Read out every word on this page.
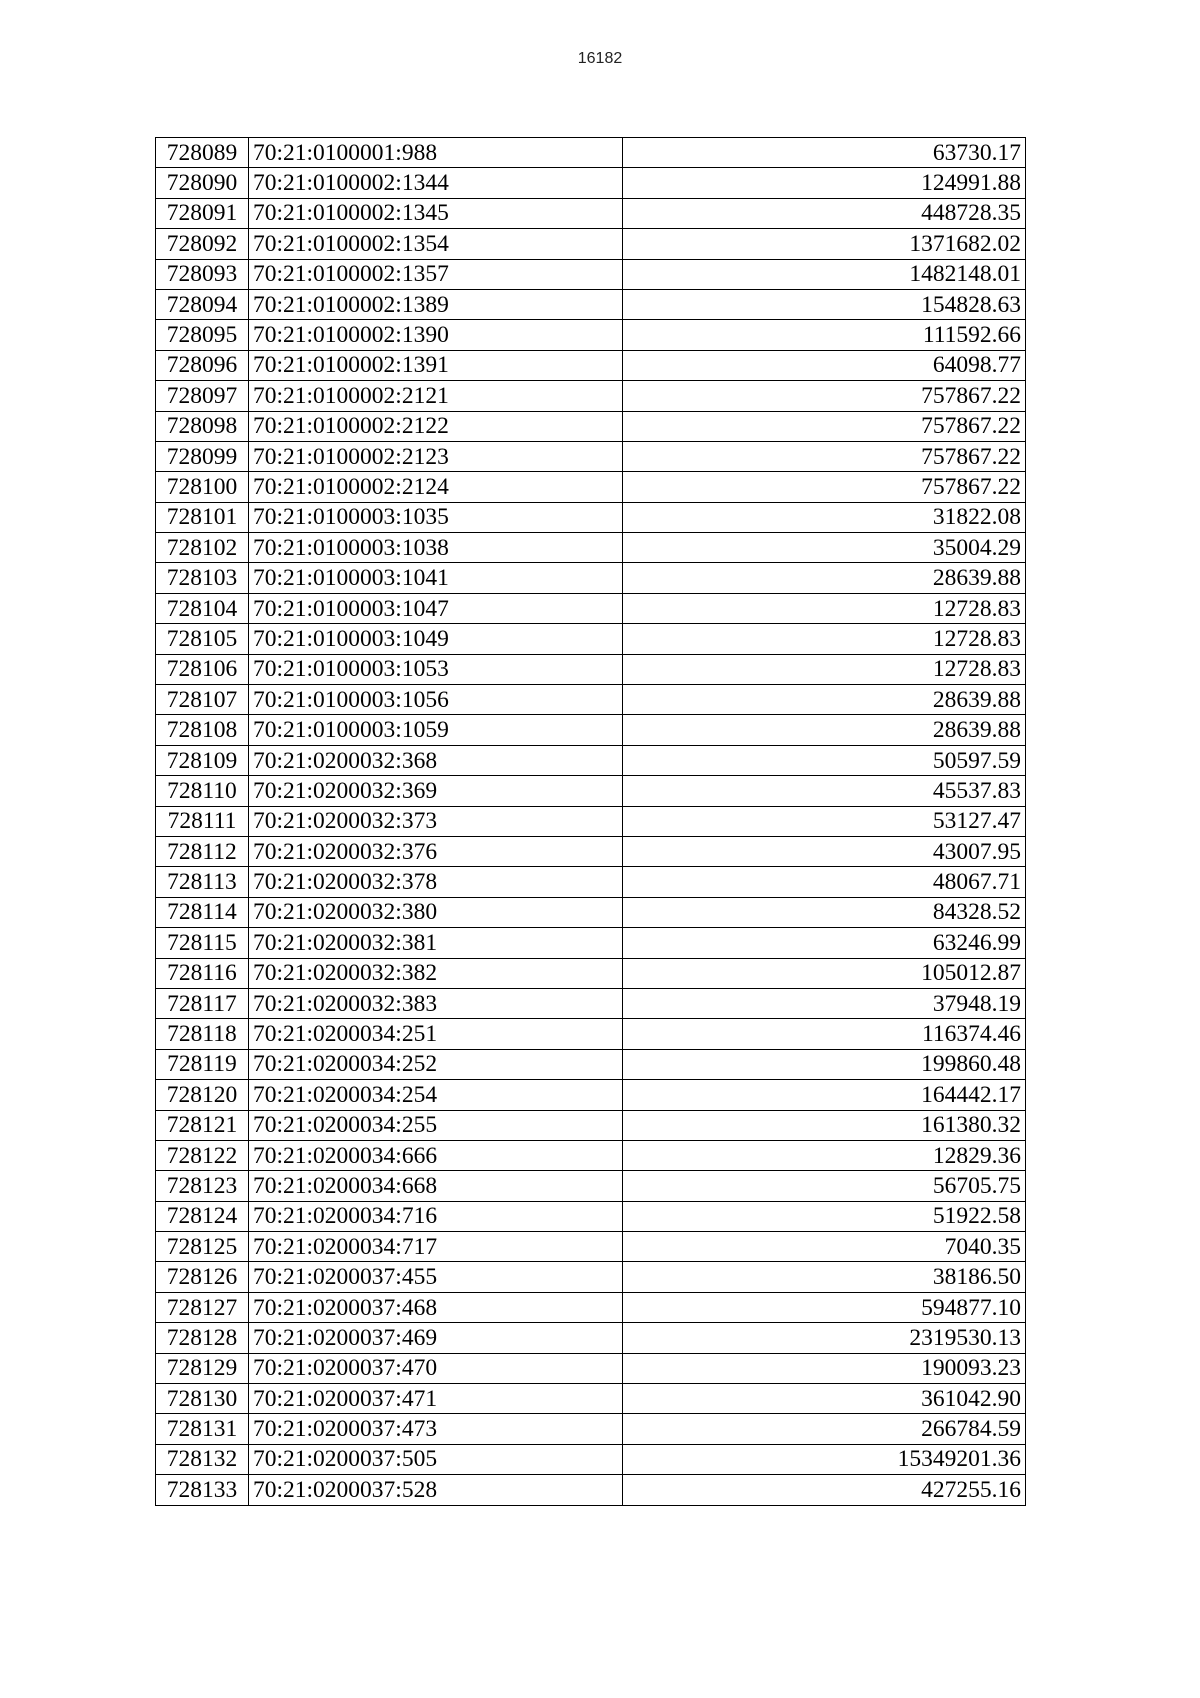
16182
728089	70:21:0100001:988	63730.17
728090	70:21:0100002:1344	124991.88
728091	70:21:0100002:1345	448728.35
728092	70:21:0100002:1354	1371682.02
728093	70:21:0100002:1357	1482148.01
728094	70:21:0100002:1389	154828.63
728095	70:21:0100002:1390	111592.66
728096	70:21:0100002:1391	64098.77
728097	70:21:0100002:2121	757867.22
728098	70:21:0100002:2122	757867.22
728099	70:21:0100002:2123	757867.22
728100	70:21:0100002:2124	757867.22
728101	70:21:0100003:1035	31822.08
728102	70:21:0100003:1038	35004.29
728103	70:21:0100003:1041	28639.88
728104	70:21:0100003:1047	12728.83
728105	70:21:0100003:1049	12728.83
728106	70:21:0100003:1053	12728.83
728107	70:21:0100003:1056	28639.88
728108	70:21:0100003:1059	28639.88
728109	70:21:0200032:368	50597.59
728110	70:21:0200032:369	45537.83
728111	70:21:0200032:373	53127.47
728112	70:21:0200032:376	43007.95
728113	70:21:0200032:378	48067.71
728114	70:21:0200032:380	84328.52
728115	70:21:0200032:381	63246.99
728116	70:21:0200032:382	105012.87
728117	70:21:0200032:383	37948.19
728118	70:21:0200034:251	116374.46
728119	70:21:0200034:252	199860.48
728120	70:21:0200034:254	164442.17
728121	70:21:0200034:255	161380.32
728122	70:21:0200034:666	12829.36
728123	70:21:0200034:668	56705.75
728124	70:21:0200034:716	51922.58
728125	70:21:0200034:717	7040.35
728126	70:21:0200037:455	38186.50
728127	70:21:0200037:468	594877.10
728128	70:21:0200037:469	2319530.13
728129	70:21:0200037:470	190093.23
728130	70:21:0200037:471	361042.90
728131	70:21:0200037:473	266784.59
728132	70:21:0200037:505	15349201.36
728133	70:21:0200037:528	427255.16
